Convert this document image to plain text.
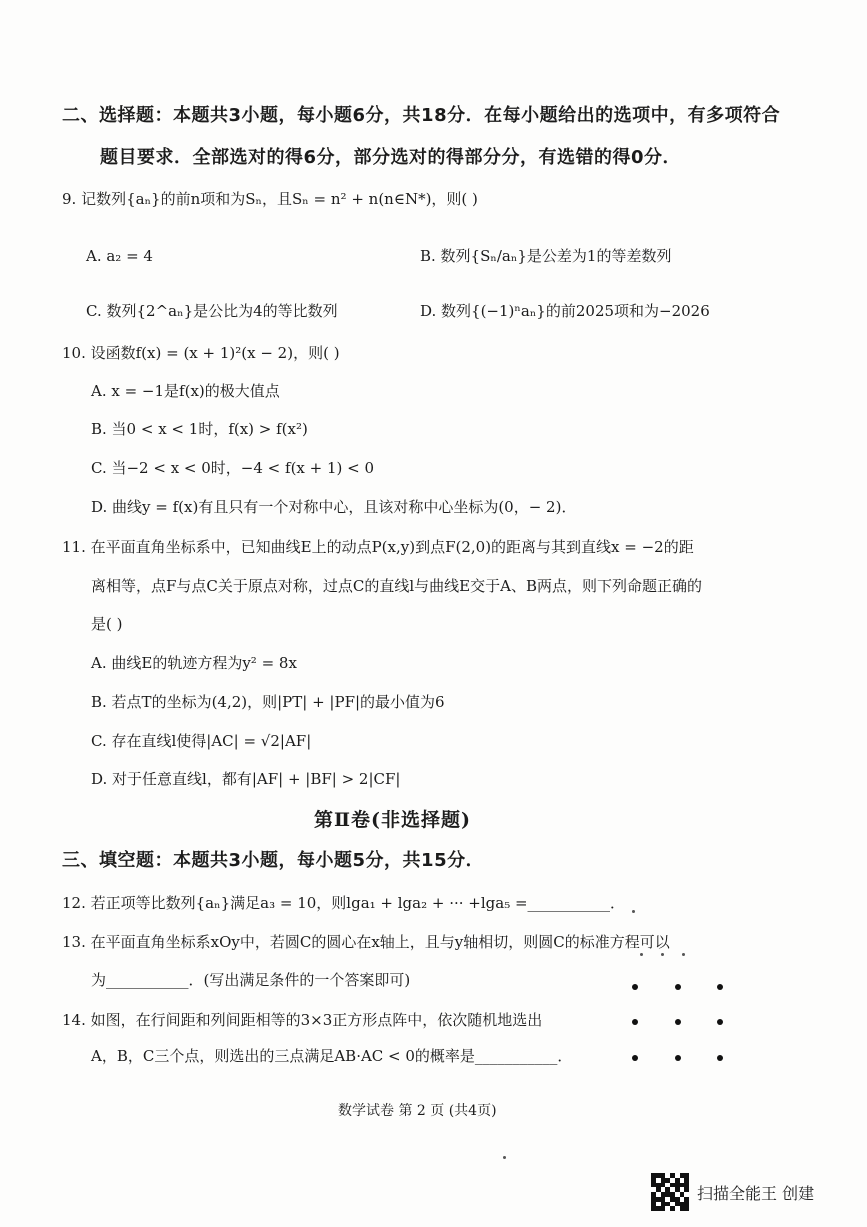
二、选择题：本题共3小题，每小题6分，共18分．在每小题给出的选项中，有多项符合
题目要求．全部选对的得6分，部分选对的得部分分，有选错的得0分．
9. 记数列{aₙ}的前n项和为Sₙ，且Sₙ = n² + n(n∈N*)，则( )
A. a₂ = 4	B. 数列{Sₙ/aₙ}是公差为1的等差数列
C. 数列{2^aₙ}是公比为4的等比数列	D. 数列{(−1)ⁿaₙ}的前2025项和为−2026
10. 设函数f(x) = (x + 1)²(x − 2)，则( )
A. x = −1是f(x)的极大值点
B. 当0 < x < 1时，f(x) > f(x²)
C. 当−2 < x < 0时，−4 < f(x + 1) < 0
D. 曲线y = f(x)有且只有一个对称中心，且该对称中心坐标为(0，− 2)．
11. 在平面直角坐标系中，已知曲线E上的动点P(x,y)到点F(2,0)的距离与其到直线x = −2的距
离相等，点F与点C关于原点对称，过点C的直线l与曲线E交于A、B两点，则下列命题正确的
是( )
A. 曲线E的轨迹方程为y² = 8x
B. 若点T的坐标为(4,2)，则|PT| + |PF|的最小值为6
C. 存在直线l使得|AC| = √2|AF|
D. 对于任意直线l，都有|AF| + |BF| > 2|CF|
第Ⅱ卷(非选择题)
三、填空题：本题共3小题，每小题5分，共15分．
12. 若正项等比数列{aₙ}满足a₃ = 10，则lga₁ + lga₂ + ··· +lga₅ =___________．
13. 在平面直角坐标系xOy中，若圆C的圆心在x轴上，且与y轴相切，则圆C的标准方程可以
为___________．(写出满足条件的一个答案即可)
14. 如图，在行间距和列间距相等的3×3正方形点阵中，依次随机地选出
A，B，C三个点，则选出的三点满足AB·AC < 0的概率是___________．
数学试卷 第 2 页 (共4页)
扫描全能王 创建
